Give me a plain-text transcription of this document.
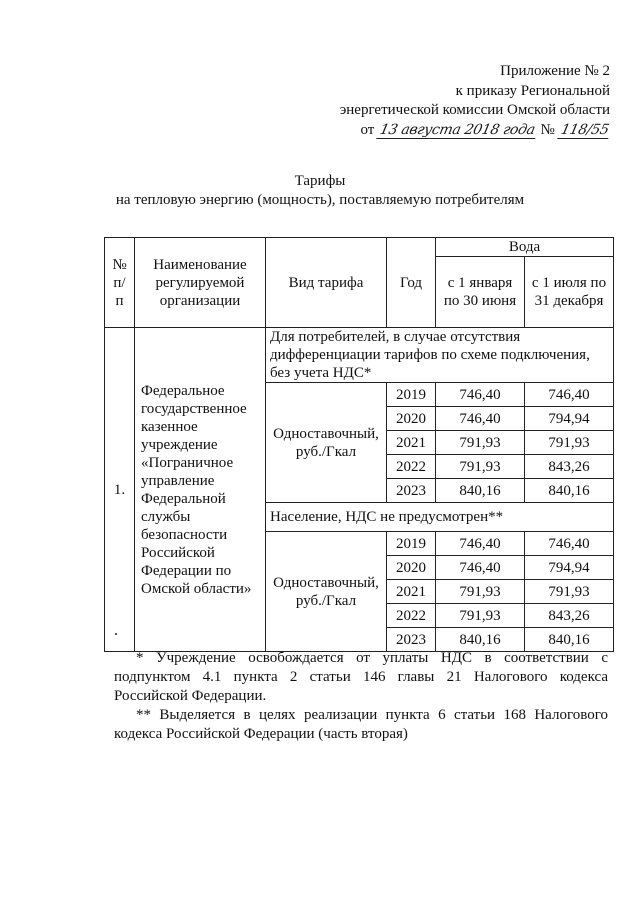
Приложение № 2
к приказу Региональной
энергетической комиссии Омской области
от 13 августа 2018 года № 118/55
Тарифы
на тепловую энергию (мощность), поставляемую потребителям
№ п/ п	Наименование регулируемой организации	Вид тарифа	Год	Вода	
				с 1 января по 30 июня	с 1 июля по 31 декабря
1.	Федеральное государственное казенное учреждение «Пограничное управление Федеральной службы безопасности Российской Федерации по Омской области»	Для потребителей, в случае отсутствия дифференциации тарифов по схеме подключения, без учета НДС*			
		Одноставочный, руб./Гкал	2019	746,40	746,40
			2020	746,40	794,94
			2021	791,93	791,93
			2022	791,93	843,26
			2023	840,16	840,16
		Население, НДС не предусмотрен**			
		Одноставочный, руб./Гкал	2019	746,40	746,40
			2020	746,40	794,94
			2021	791,93	791,93
			2022	791,93	843,26
			2023	840,16	840,16

* Учреждение освобождается от уплаты НДС в соответствии с подпунктом 4.1 пункта 2 статьи 146 главы 21 Налогового кодекса Российской Федерации.

** Выделяется в целях реализации пункта 6 статьи 168 Налогового кодекса Российской Федерации (часть вторая)
